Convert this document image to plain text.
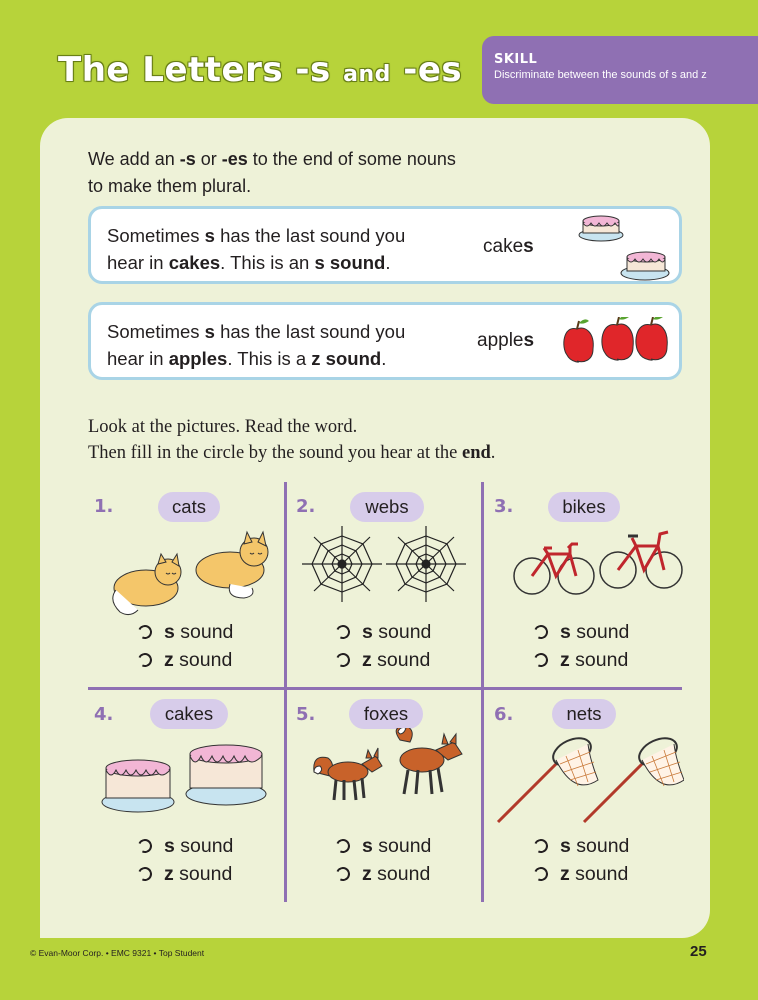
The Letters -s and -es SKILL
Discriminate between the sounds of s and z
We add an -s or -es to the end of some nouns
to make them plural.
Sometimes s has the last sound you
hear in cakes. This is an s sound.
cakes
Sometimes s has the last sound you
hear in apples. This is a z sound.
apples
Look at the pictures. Read the word.
Then fill in the circle by the sound you hear at the end.
1.	cats
s sound
z sound
2.	webs
s sound
z sound
3.	bikes
s sound
z sound
4.	cakes
s sound
z sound
5.	foxes
s sound
z sound
6.	nets
s sound
z sound
© Evan-Moor Corp. • EMC 9321 • Top Student	25
